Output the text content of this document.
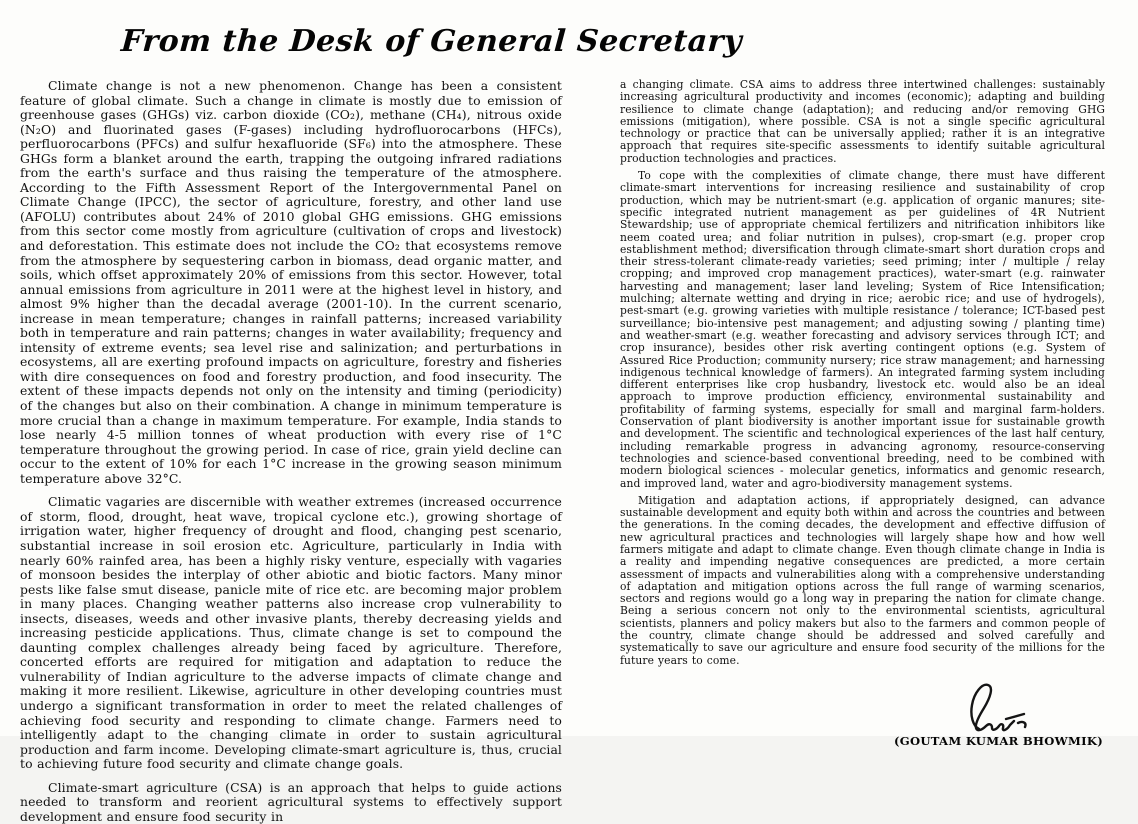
From the Desk of General Secretary

Climate change is not a new phenomenon. Change has been a consistent feature of global climate. Such a change in climate is mostly due to emission of greenhouse gases (GHGs) viz. carbon dioxide (CO₂), methane (CH₄), nitrous oxide (N₂O) and fluorinated gases (F-gases) including hydrofluorocarbons (HFCs), perfluorocarbons (PFCs) and sulfur hexafluoride (SF₆) into the atmosphere. These GHGs form a blanket around the earth, trapping the outgoing infrared radiations from the earth's surface and thus raising the temperature of the atmosphere. According to the Fifth Assessment Report of the Intergovernmental Panel on Climate Change (IPCC), the sector of agriculture, forestry, and other land use (AFOLU) contributes about 24% of 2010 global GHG emissions. GHG emissions from this sector come mostly from agriculture (cultivation of crops and livestock) and deforestation. This estimate does not include the CO₂ that ecosystems remove from the atmosphere by sequestering carbon in biomass, dead organic matter, and soils, which offset approximately 20% of emissions from this sector. However, total annual emissions from agriculture in 2011 were at the highest level in history, and almost 9% higher than the decadal average (2001-10). In the current scenario, increase in mean temperature; changes in rainfall patterns; increased variability both in temperature and rain patterns; changes in water availability; frequency and intensity of extreme events; sea level rise and salinization; and perturbations in ecosystems, all are exerting profound impacts on agriculture, forestry and fisheries with dire consequences on food and forestry production, and food insecurity. The extent of these impacts depends not only on the intensity and timing (periodicity) of the changes but also on their combination. A change in minimum temperature is more crucial than a change in maximum temperature. For example, India stands to lose nearly 4-5 million tonnes of wheat production with every rise of 1°C temperature throughout the growing period. In case of rice, grain yield decline can occur to the extent of 10% for each 1°C increase in the growing season minimum temperature above 32°C.

Climatic vagaries are discernible with weather extremes (increased occurrence of storm, flood, drought, heat wave, tropical cyclone etc.), growing shortage of irrigation water, higher frequency of drought and flood, changing pest scenario, substantial increase in soil erosion etc. Agriculture, particularly in India with nearly 60% rainfed area, has been a highly risky venture, especially with vagaries of monsoon besides the interplay of other abiotic and biotic factors. Many minor pests like false smut disease, panicle mite of rice etc. are becoming major problem in many places. Changing weather patterns also increase crop vulnerability to insects, diseases, weeds and other invasive plants, thereby decreasing yields and increasing pesticide applications. Thus, climate change is set to compound the daunting complex challenges already being faced by agriculture. Therefore, concerted efforts are required for mitigation and adaptation to reduce the vulnerability of Indian agriculture to the adverse impacts of climate change and making it more resilient. Likewise, agriculture in other developing countries must undergo a significant transformation in order to meet the related challenges of achieving food security and responding to climate change. Farmers need to intelligently adapt to the changing climate in order to sustain agricultural production and farm income. Developing climate-smart agriculture is, thus, crucial to achieving future food security and climate change goals.

Climate-smart agriculture (CSA) is an approach that helps to guide actions needed to transform and reorient agricultural systems to effectively support development and ensure food security in

a changing climate. CSA aims to address three intertwined challenges: sustainably increasing agricultural productivity and incomes (economic); adapting and building resilience to climate change (adaptation); and reducing and/or removing GHG emissions (mitigation), where possible. CSA is not a single specific agricultural technology or practice that can be universally applied; rather it is an integrative approach that requires site-specific assessments to identify suitable agricultural production technologies and practices.

To cope with the complexities of climate change, there must have different climate-smart interventions for increasing resilience and sustainability of crop production, which may be nutrient-smart (e.g. application of organic manures; site-specific integrated nutrient management as per guidelines of 4R Nutrient Stewardship; use of appropriate chemical fertilizers and nitrification inhibitors like neem coated urea; and foliar nutrition in pulses), crop-smart (e.g. proper crop establishment method; diversification through climate-smart short duration crops and their stress-tolerant climate-ready varieties; seed priming; inter / multiple / relay cropping; and improved crop management practices), water-smart (e.g. rainwater harvesting and management; laser land leveling; System of Rice Intensification; mulching; alternate wetting and drying in rice; aerobic rice; and use of hydrogels), pest-smart (e.g. growing varieties with multiple resistance / tolerance; ICT-based pest surveillance; bio-intensive pest management; and adjusting sowing / planting time) and weather-smart (e.g. weather forecasting and advisory services through ICT; and crop insurance), besides other risk averting contingent options (e.g. System of Assured Rice Production; community nursery; rice straw management; and harnessing indigenous technical knowledge of farmers). An integrated farming system including different enterprises like crop husbandry, livestock etc. would also be an ideal approach to improve production efficiency, environmental sustainability and profitability of farming systems, especially for small and marginal farm-holders. Conservation of plant biodiversity is another important issue for sustainable growth and development. The scientific and technological experiences of the last half century, including remarkable progress in advancing agronomy, resource-conserving technologies and science-based conventional breeding, need to be combined with modern biological sciences - molecular genetics, informatics and genomic research, and improved land, water and agro-biodiversity management systems.

Mitigation and adaptation actions, if appropriately designed, can advance sustainable development and equity both within and across the countries and between the generations. In the coming decades, the development and effective diffusion of new agricultural practices and technologies will largely shape how and how well farmers mitigate and adapt to climate change. Even though climate change in India is a reality and impending negative consequences are predicted, a more certain assessment of impacts and vulnerabilities along with a comprehensive understanding of adaptation and mitigation options across the full range of warming scenarios, sectors and regions would go a long way in preparing the nation for climate change. Being a serious concern not only to the environmental scientists, agricultural scientists, planners and policy makers but also to the farmers and common people of the country, climate change should be addressed and solved carefully and systematically to save our agriculture and ensure food security of the millions for the future years to come.

(GOUTAM KUMAR BHOWMIK)
